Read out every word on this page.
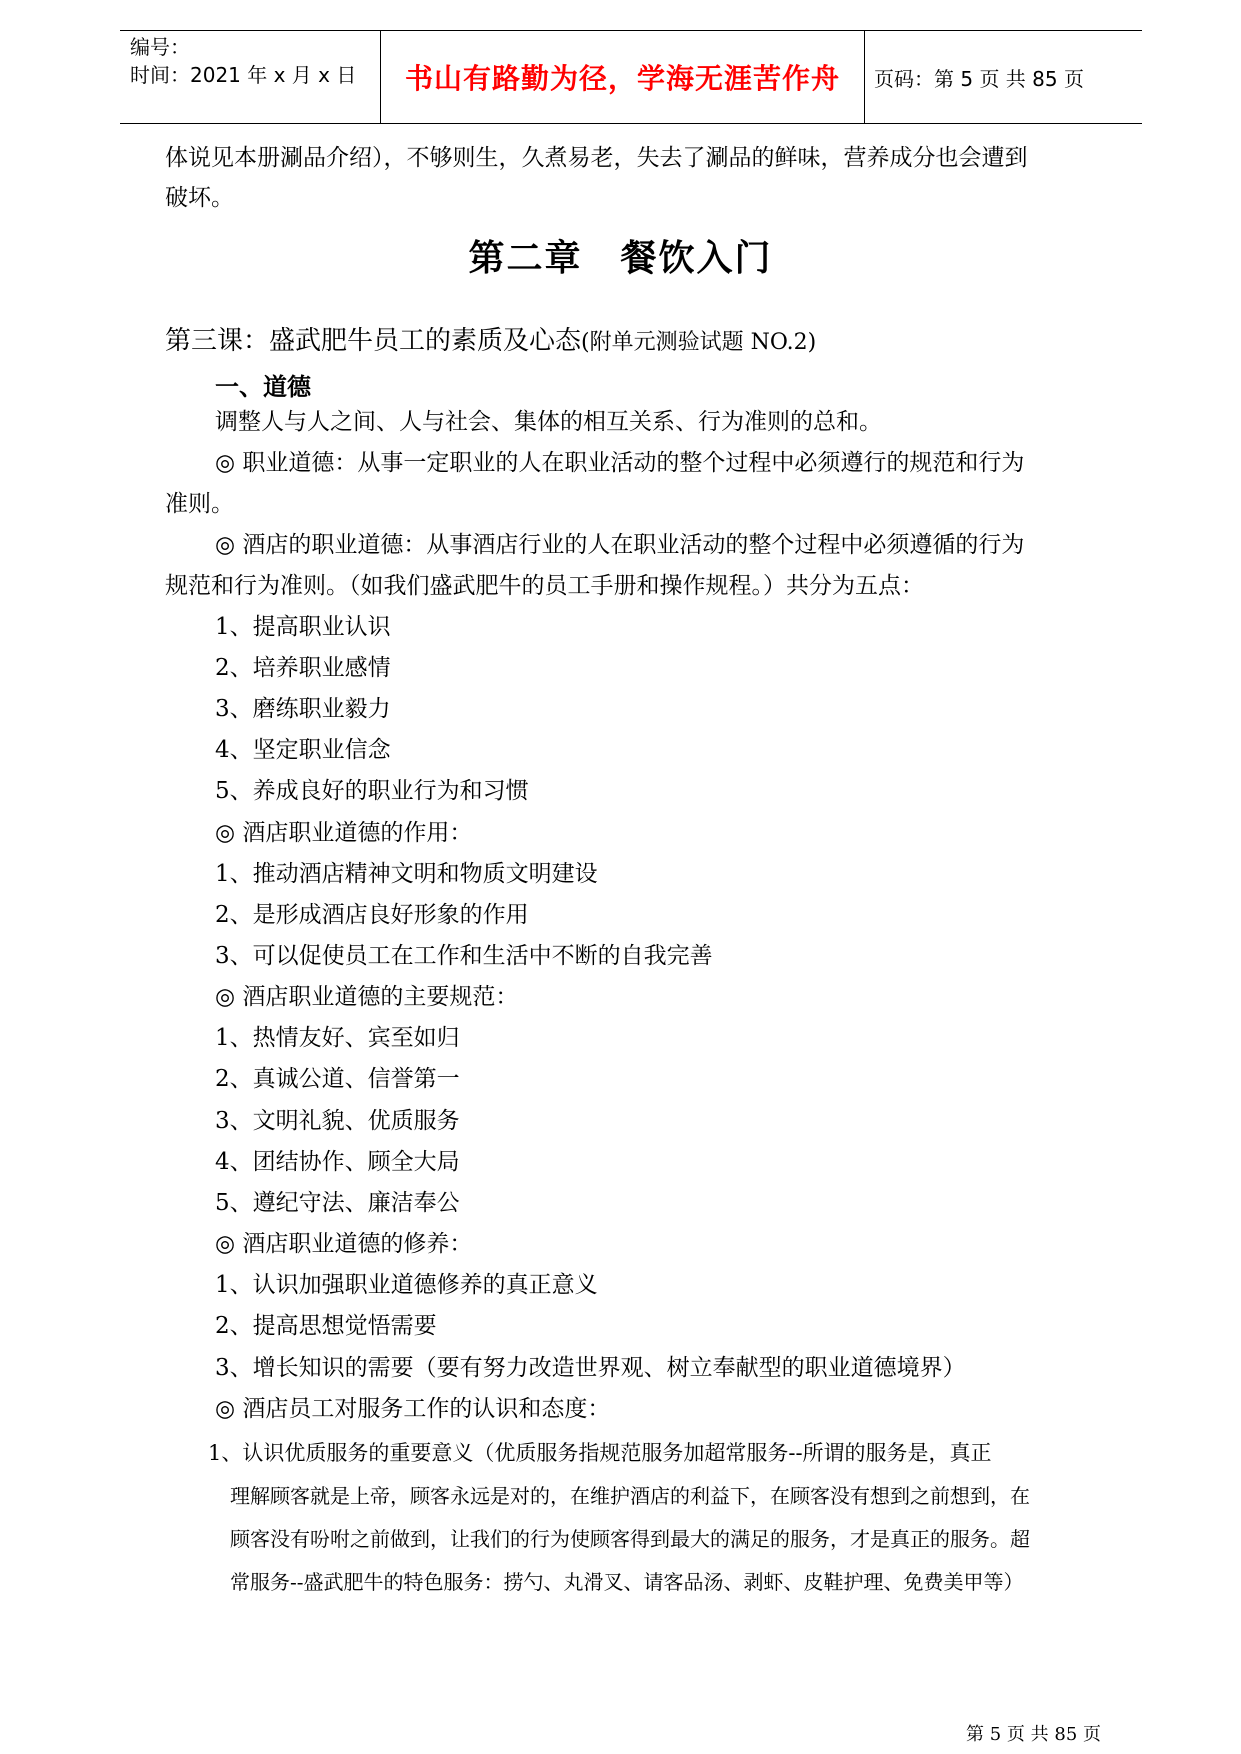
编号：
时间：2021 年 x 月 x 日 书山有路勤为径，学海无涯苦作舟	页码：第 5 页 共 85 页
体说见本册涮品介绍），不够则生，久煮易老，失去了涮品的鲜味，营养成分也会遭到
破坏。
第二章　餐饮入门
第三课：盛武肥牛员工的素质及心态(附单元测验试题 NO.2)
一、道德
调整人与人之间、人与社会、集体的相互关系、行为准则的总和。
◎ 职业道德：从事一定职业的人在职业活动的整个过程中必须遵行的规范和行为
准则。
◎ 酒店的职业道德：从事酒店行业的人在职业活动的整个过程中必须遵循的行为
规范和行为准则。（如我们盛武肥牛的员工手册和操作规程。）共分为五点：
1、提高职业认识
2、培养职业感情
3、磨练职业毅力
4、坚定职业信念
5、养成良好的职业行为和习惯
◎ 酒店职业道德的作用：
1、推动酒店精神文明和物质文明建设
2、是形成酒店良好形象的作用
3、可以促使员工在工作和生活中不断的自我完善
◎ 酒店职业道德的主要规范：
1、热情友好、宾至如归
2、真诚公道、信誉第一
3、文明礼貌、优质服务
4、团结协作、顾全大局
5、遵纪守法、廉洁奉公
◎ 酒店职业道德的修养：
1、认识加强职业道德修养的真正意义
2、提高思想觉悟需要
3、增长知识的需要（要有努力改造世界观、树立奉献型的职业道德境界）
◎ 酒店员工对服务工作的认识和态度：
1、认识优质服务的重要意义（优质服务指规范服务加超常服务--所谓的服务是，真正
理解顾客就是上帝，顾客永远是对的，在维护酒店的利益下，在顾客没有想到之前想到，在
顾客没有吩咐之前做到，让我们的行为使顾客得到最大的满足的服务，才是真正的服务。超
常服务--盛武肥牛的特色服务：捞勺、丸滑叉、请客品汤、剥虾、皮鞋护理、免费美甲等）
第 5 页 共 85 页
